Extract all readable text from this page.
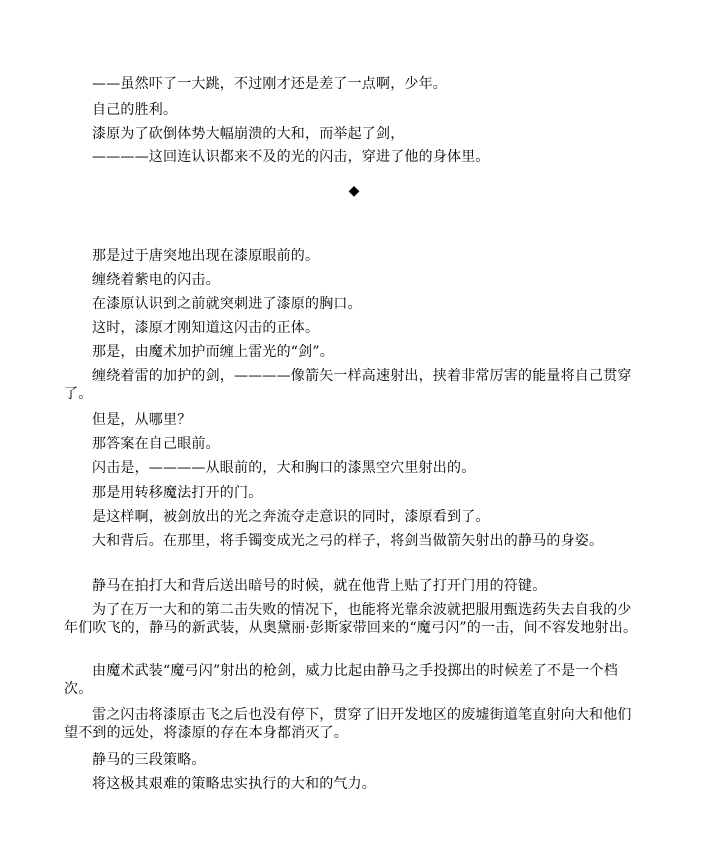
——虽然吓了一大跳，不过刚才还是差了一点啊，少年。

自己的胜利。

漆原为了砍倒体势大幅崩溃的大和，而举起了剑，

————这回连认识都来不及的光的闪击，穿进了他的身体里。

◆

那是过于唐突地出现在漆原眼前的。

缠绕着紫电的闪击。

在漆原认识到之前就突刺进了漆原的胸口。

这时，漆原才刚知道这闪击的正体。

那是，由魔术加护而缠上雷光的“剑”。

缠绕着雷的加护的剑，————像箭矢一样高速射出，挟着非常厉害的能量将自己贯穿了。

但是，从哪里？

那答案在自己眼前。

闪击是，————从眼前的，大和胸口的漆黑空穴里射出的。

那是用转移魔法打开的门。

是这样啊，被剑放出的光之奔流夺走意识的同时，漆原看到了。

大和背后。在那里，将手镯变成光之弓的样子，将剑当做箭矢射出的静马的身姿。

静马在拍打大和背后送出暗号的时候，就在他背上贴了打开门用的符键。

为了在万一大和的第二击失败的情况下，也能将光靠余波就把服用甄选药失去自我的少年们吹飞的，静马的新武装，从奥黛丽·彭斯家带回来的“魔弓闪”的一击，间不容发地射出。

由魔术武装“魔弓闪”射出的枪剑，威力比起由静马之手投掷出的时候差了不是一个档次。

雷之闪击将漆原击飞之后也没有停下，贯穿了旧开发地区的废墟街道笔直射向大和他们望不到的远处，将漆原的存在本身都消灭了。

静马的三段策略。

将这极其艰难的策略忠实执行的大和的气力。
